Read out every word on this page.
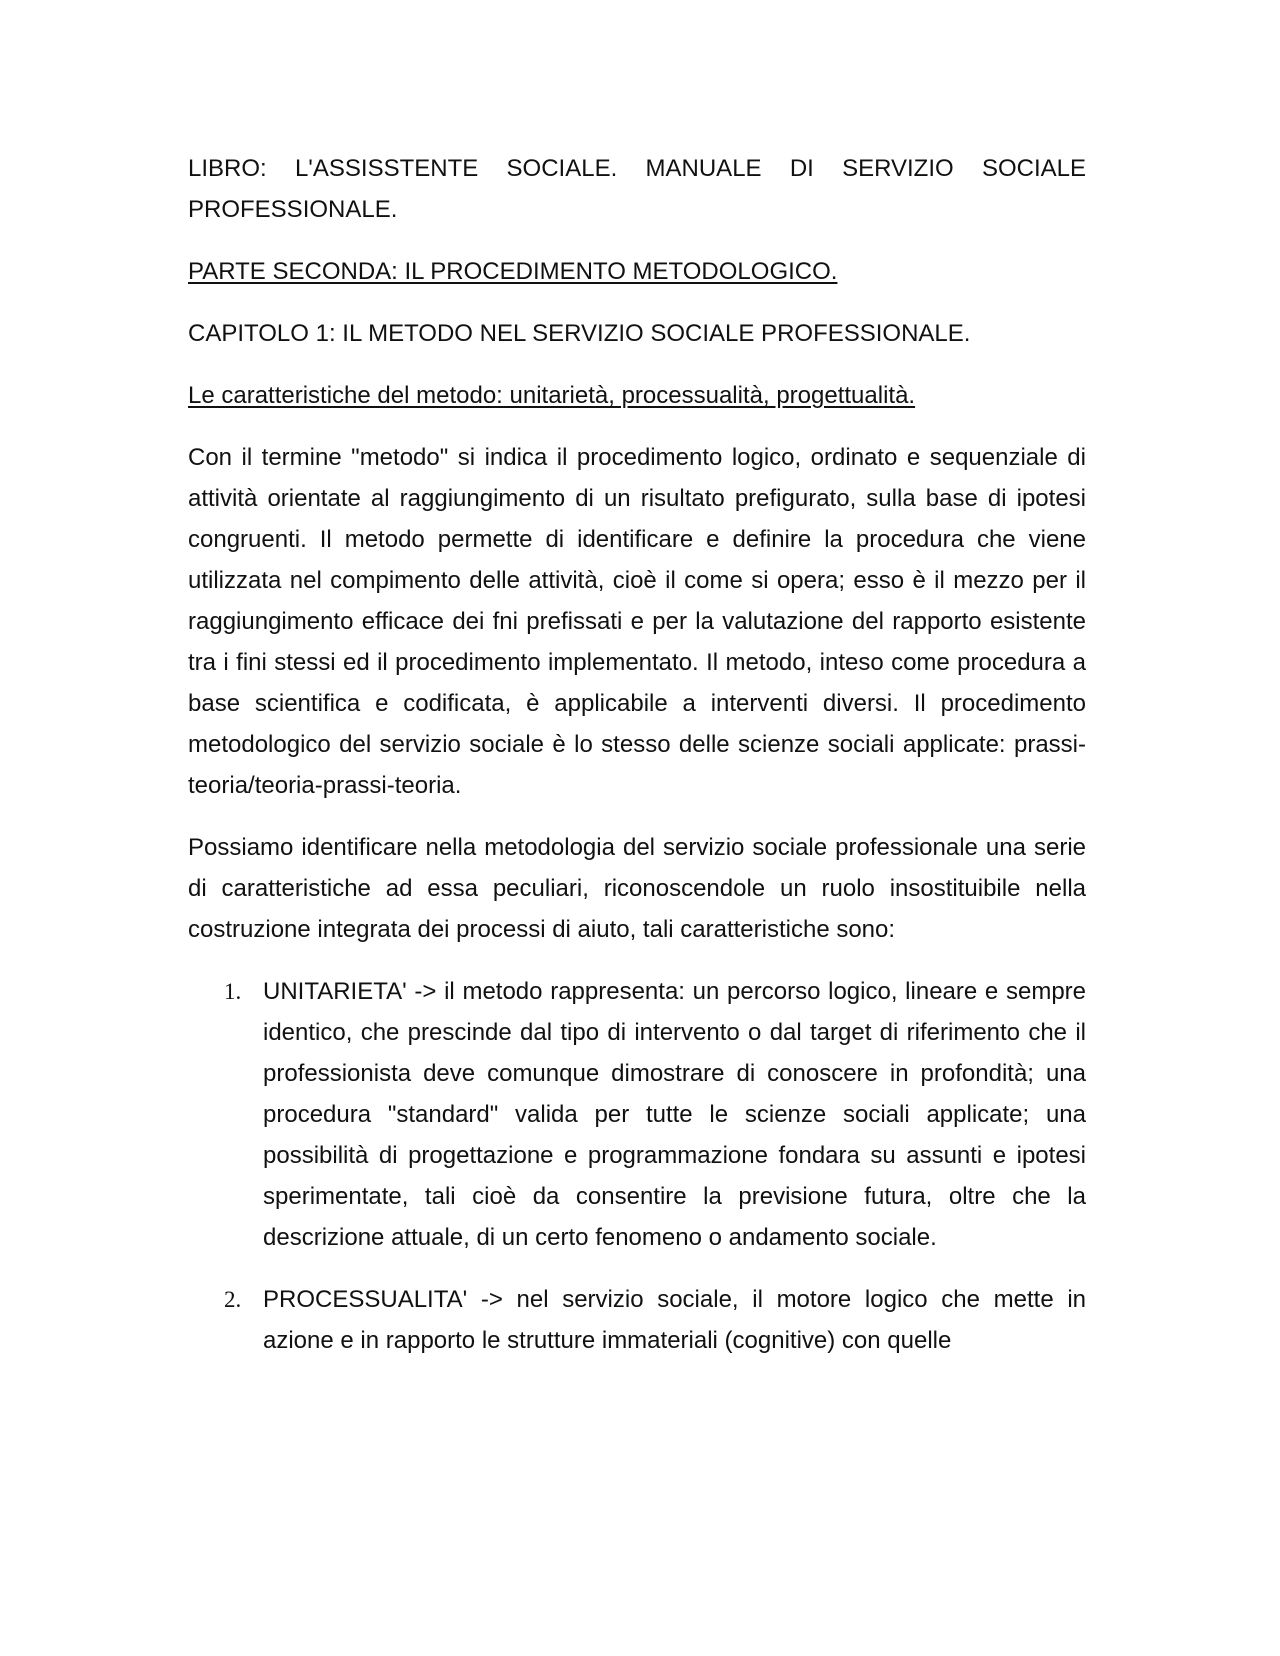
LIBRO: L'ASSISSTENTE SOCIALE. MANUALE DI SERVIZIO SOCIALE PROFESSIONALE.

PARTE SECONDA: IL PROCEDIMENTO METODOLOGICO.

CAPITOLO 1: IL METODO NEL SERVIZIO SOCIALE PROFESSIONALE.

Le caratteristiche del metodo: unitarietà, processualità, progettualità.

Con il termine "metodo" si indica il procedimento logico, ordinato e sequenziale di attività orientate al raggiungimento di un risultato prefigurato, sulla base di ipotesi congruenti. Il metodo permette di identificare e definire la procedura che viene utilizzata nel compimento delle attività, cioè il come si opera; esso è il mezzo per il raggiungimento efficace dei fni prefissati e per la valutazione del rapporto esistente tra i fini stessi ed il procedimento implementato. Il metodo, inteso come procedura a base scientifica e codificata, è applicabile a interventi diversi. Il procedimento metodologico del servizio sociale è lo stesso delle scienze sociali applicate: prassi-teoria/teoria-prassi-teoria.

Possiamo identificare nella metodologia del servizio sociale professionale una serie di caratteristiche ad essa peculiari, riconoscendole un ruolo insostituibile nella costruzione integrata dei processi di aiuto, tali caratteristiche sono:

1. UNITARIETA' -> il metodo rappresenta: un percorso logico, lineare e sempre identico, che prescinde dal tipo di intervento o dal target di riferimento che il professionista deve comunque dimostrare di conoscere in profondità; una procedura "standard" valida per tutte le scienze sociali applicate; una possibilità di progettazione e programmazione fondara su assunti e ipotesi sperimentate, tali cioè da consentire la previsione futura, oltre che la descrizione attuale, di un certo fenomeno o andamento sociale.
2. PROCESSUALITA' -> nel servizio sociale, il motore logico che mette in azione e in rapporto le strutture immateriali (cognitive) con quelle
